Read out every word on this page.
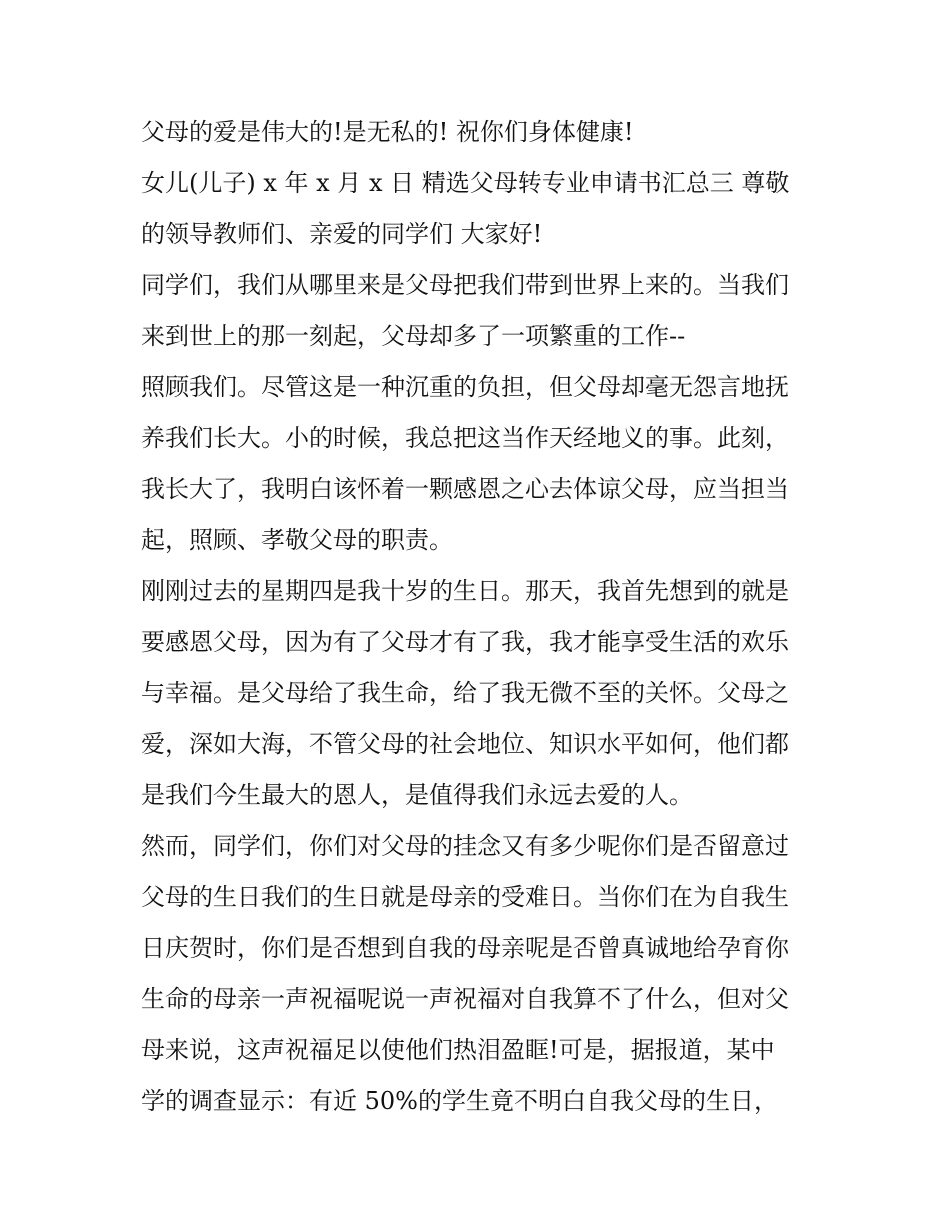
父母的爱是伟大的!是无私的! 祝你们身体健康!
女儿(儿子) x 年 x 月 x 日 精选父母转专业申请书汇总三 尊敬
的领导教师们、亲爱的同学们 大家好!
同学们，我们从哪里来是父母把我们带到世界上来的。当我们
来到世上的那一刻起，父母却多了一项繁重的工作--
照顾我们。尽管这是一种沉重的负担，但父母却毫无怨言地抚
养我们长大。小的时候，我总把这当作天经地义的事。此刻，
我长大了，我明白该怀着一颗感恩之心去体谅父母，应当担当
起，照顾、孝敬父母的职责。
刚刚过去的星期四是我十岁的生日。那天，我首先想到的就是
要感恩父母，因为有了父母才有了我，我才能享受生活的欢乐
与幸福。是父母给了我生命，给了我无微不至的关怀。父母之
爱，深如大海，不管父母的社会地位、知识水平如何，他们都
是我们今生最大的恩人，是值得我们永远去爱的人。
然而，同学们，你们对父母的挂念又有多少呢你们是否留意过
父母的生日我们的生日就是母亲的受难日。当你们在为自我生
日庆贺时，你们是否想到自我的母亲呢是否曾真诚地给孕育你
生命的母亲一声祝福呢说一声祝福对自我算不了什么，但对父
母来说，这声祝福足以使他们热泪盈眶!可是，据报道，某中
学的调查显示：有近 50%的学生竟不明白自我父母的生日，
